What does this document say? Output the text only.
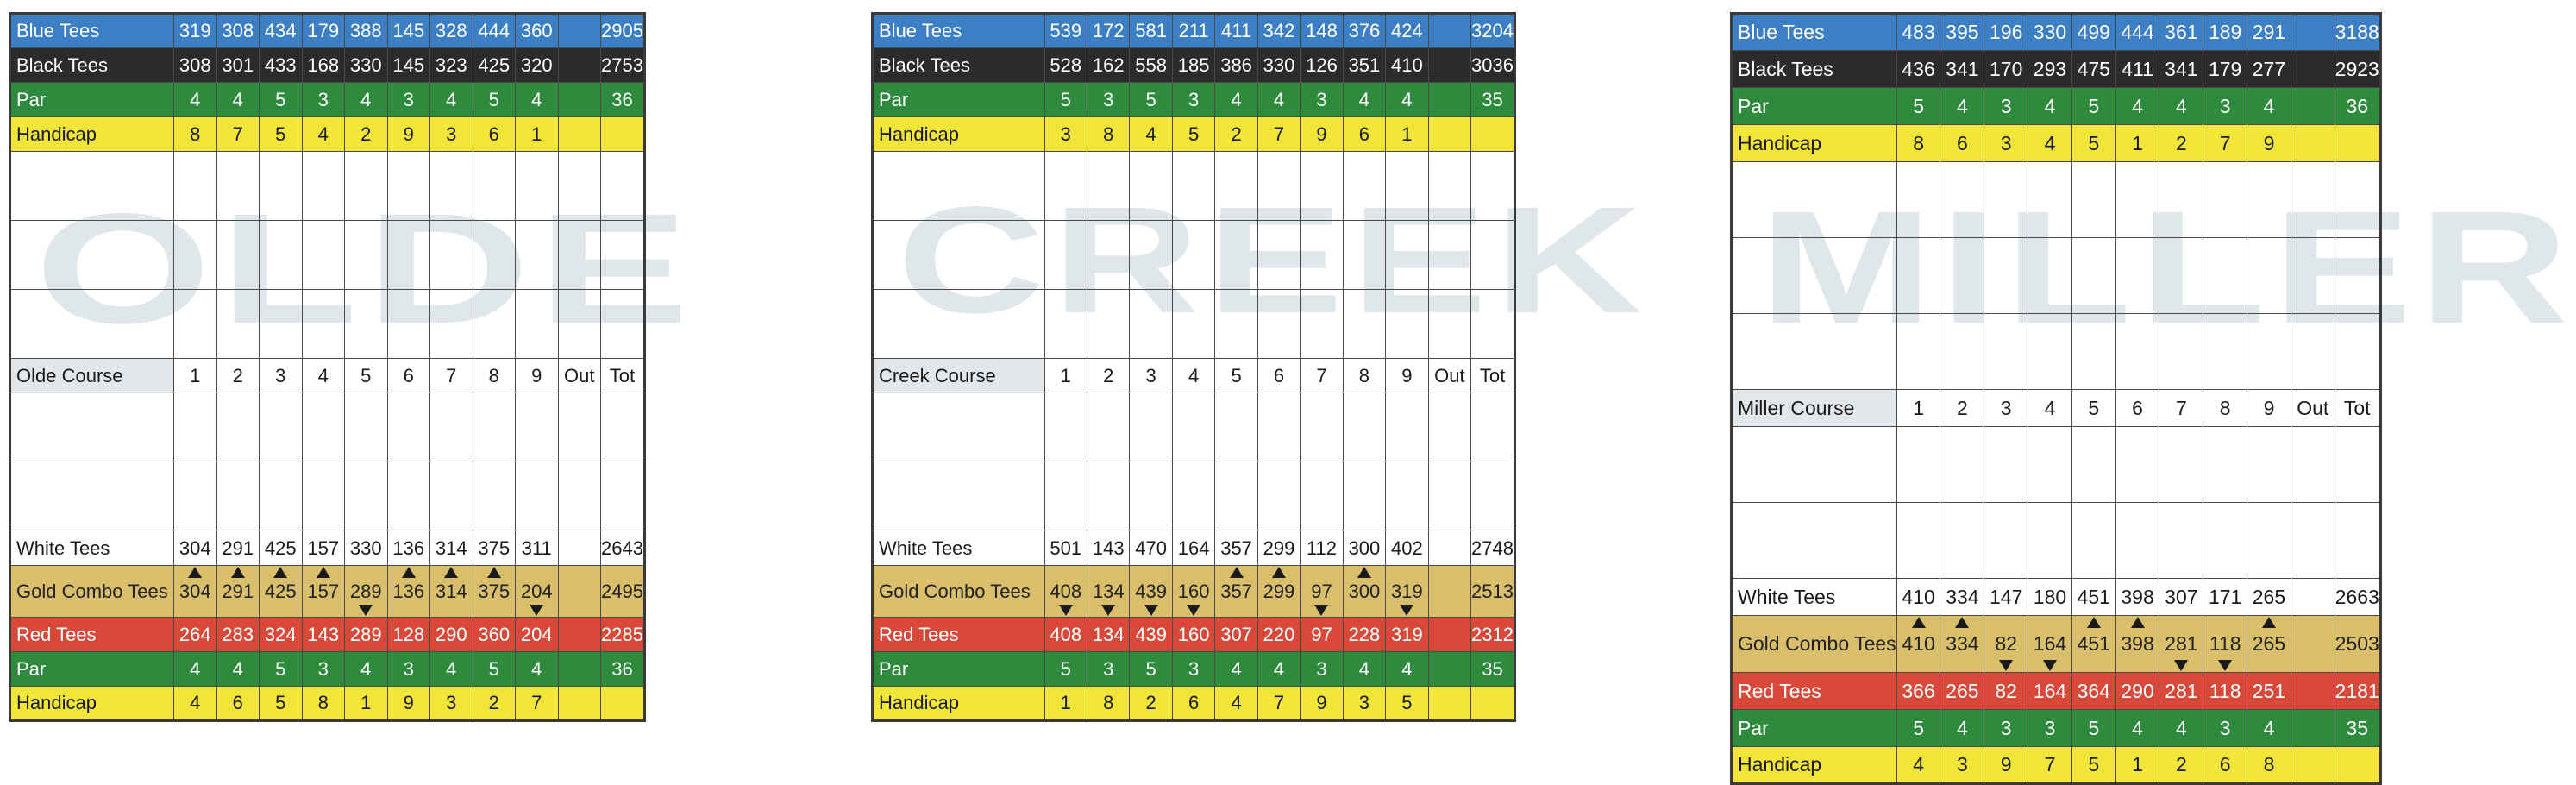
OLDE
Blue Tees	319	308	434	179	388	145	328	444	360		2905
Black Tees	308	301	433	168	330	145	323	425	320		2753
Par	4	4	5	3	4	3	4	5	4		36
Handicap	8	7	5	4	2	9	3	6	1		

Olde Course	1	2	3	4	5	6	7	8	9	Out	Tot

White Tees	304	291	425	157	330	136	314	375	311		2643
Gold Combo Tees	304	291	425	157	289	136	314	375	204		2495
Red Tees	264	283	324	143	289	128	290	360	204		2285
Par	4	4	5	3	4	3	4	5	4		36
Handicap	4	6	5	8	1	9	3	2	7		
CREEK
Blue Tees	539	172	581	211	411	342	148	376	424		3204
Black Tees	528	162	558	185	386	330	126	351	410		3036
Par	5	3	5	3	4	4	3	4	4		35
Handicap	3	8	4	5	2	7	9	6	1		

Creek Course	1	2	3	4	5	6	7	8	9	Out	Tot

White Tees	501	143	470	164	357	299	112	300	402		2748
Gold Combo Tees	408	134	439	160	357	299	97	300	319		2513
Red Tees	408	134	439	160	307	220	97	228	319		2312
Par	5	3	5	3	4	4	3	4	4		35
Handicap	1	8	2	6	4	7	9	3	5		
MILLER
Blue Tees	483	395	196	330	499	444	361	189	291		3188
Black Tees	436	341	170	293	475	411	341	179	277		2923
Par	5	4	3	4	5	4	4	3	4		36
Handicap	8	6	3	4	5	1	2	7	9		

Miller Course	1	2	3	4	5	6	7	8	9	Out	Tot

White Tees	410	334	147	180	451	398	307	171	265		2663
Gold Combo Tees	410	334	82	164	451	398	281	118	265		2503
Red Tees	366	265	82	164	364	290	281	118	251		2181
Par	5	4	3	3	5	4	4	3	4		35
Handicap	4	3	9	7	5	1	2	6	8		
